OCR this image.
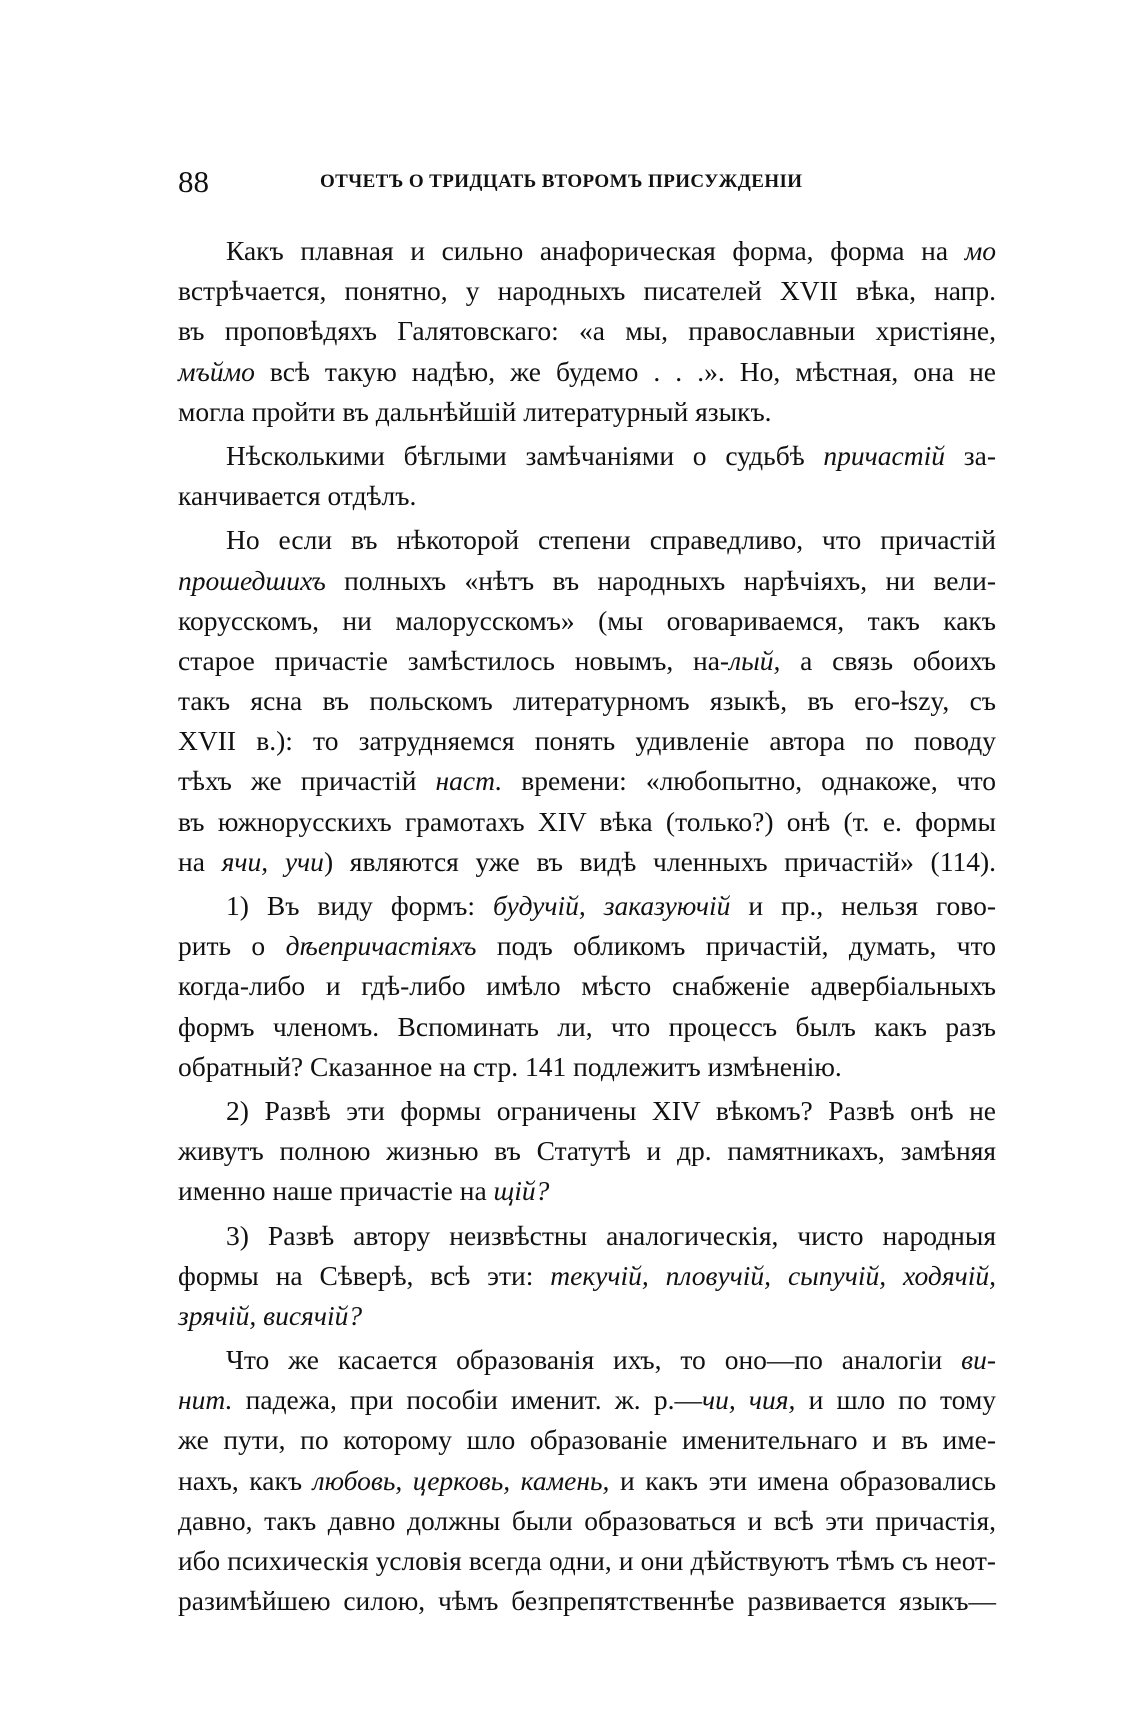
88	ОТЧЕТЪ О ТРИДЦАТЬ ВТОРОМЪ ПРИСУЖДЕНІИ
Какъ плавная и сильно анафорическая форма, форма на мо
встрѣчается, понятно, у народныхъ писателей XVII вѣка, напр.
въ проповѣдяхъ Галятовскаго: «а мы, православныи христіяне,
мъймо всѣ такую надѣю, же будемо . . .». Но, мѣстная, она не
могла пройти въ дальнѣйшій литературный языкъ.
Нѣсколькими бѣглыми замѣчаніями о судьбѣ причастій за-
канчивается отдѣлъ.
Но если въ нѣкоторой степени справедливо, что причастій
прошедшихъ полныхъ «нѣтъ въ народныхъ нарѣчіяхъ, ни вели-
корусскомъ, ни малорусскомъ» (мы оговариваемся, такъ какъ
старое причастіе замѣстилось новымъ, на-лый, а связь обоихъ
такъ ясна въ польскомъ литературномъ языкѣ, въ его-łszy, съ
XVII в.): то затрудняемся понять удивленіе автора по поводу
тѣхъ же причастій наст. времени: «любопытно, однакоже, что
въ южнорусскихъ грамотахъ XIV вѣка (только?) онѣ (т. е. формы
на ячи, учи) являются уже въ видѣ членныхъ причастій» (114).
1) Въ виду формъ: будучій, заказуючій и пр., нельзя гово-
рить о дѣепричастіяхъ подъ обликомъ причастій, думать, что
когда-либо и гдѣ-либо имѣло мѣсто снабженіе адвербіальныхъ
формъ членомъ. Вспоминать ли, что процессъ былъ какъ разъ
обратный? Сказанное на стр. 141 подлежитъ измѣненію.
2) Развѣ эти формы ограничены XIV вѣкомъ? Развѣ онѣ не
живутъ полною жизнью въ Статутѣ и др. памятникахъ, замѣняя
именно наше причастіе на щій?
3) Развѣ автору неизвѣстны аналогическія, чисто народныя
формы на Сѣверѣ, всѣ эти: текучій, пловучій, сыпучій, ходячій,
зрячій, висячій?
Что же касается образованія ихъ, то оно—по аналогіи ви-
нит. падежа, при пособіи именит. ж. р.—чи, чия, и шло по тому
же пути, по которому шло образованіе именительнаго и въ име-
нахъ, какъ любовь, церковь, камень, и какъ эти имена образовались
давно, такъ давно должны были образоваться и всѣ эти причастія,
ибо психическія условія всегда одни, и они дѣйствуютъ тѣмъ съ неот-
разимѣйшею силою, чѣмъ безпрепятственнѣе развивается языкъ—
